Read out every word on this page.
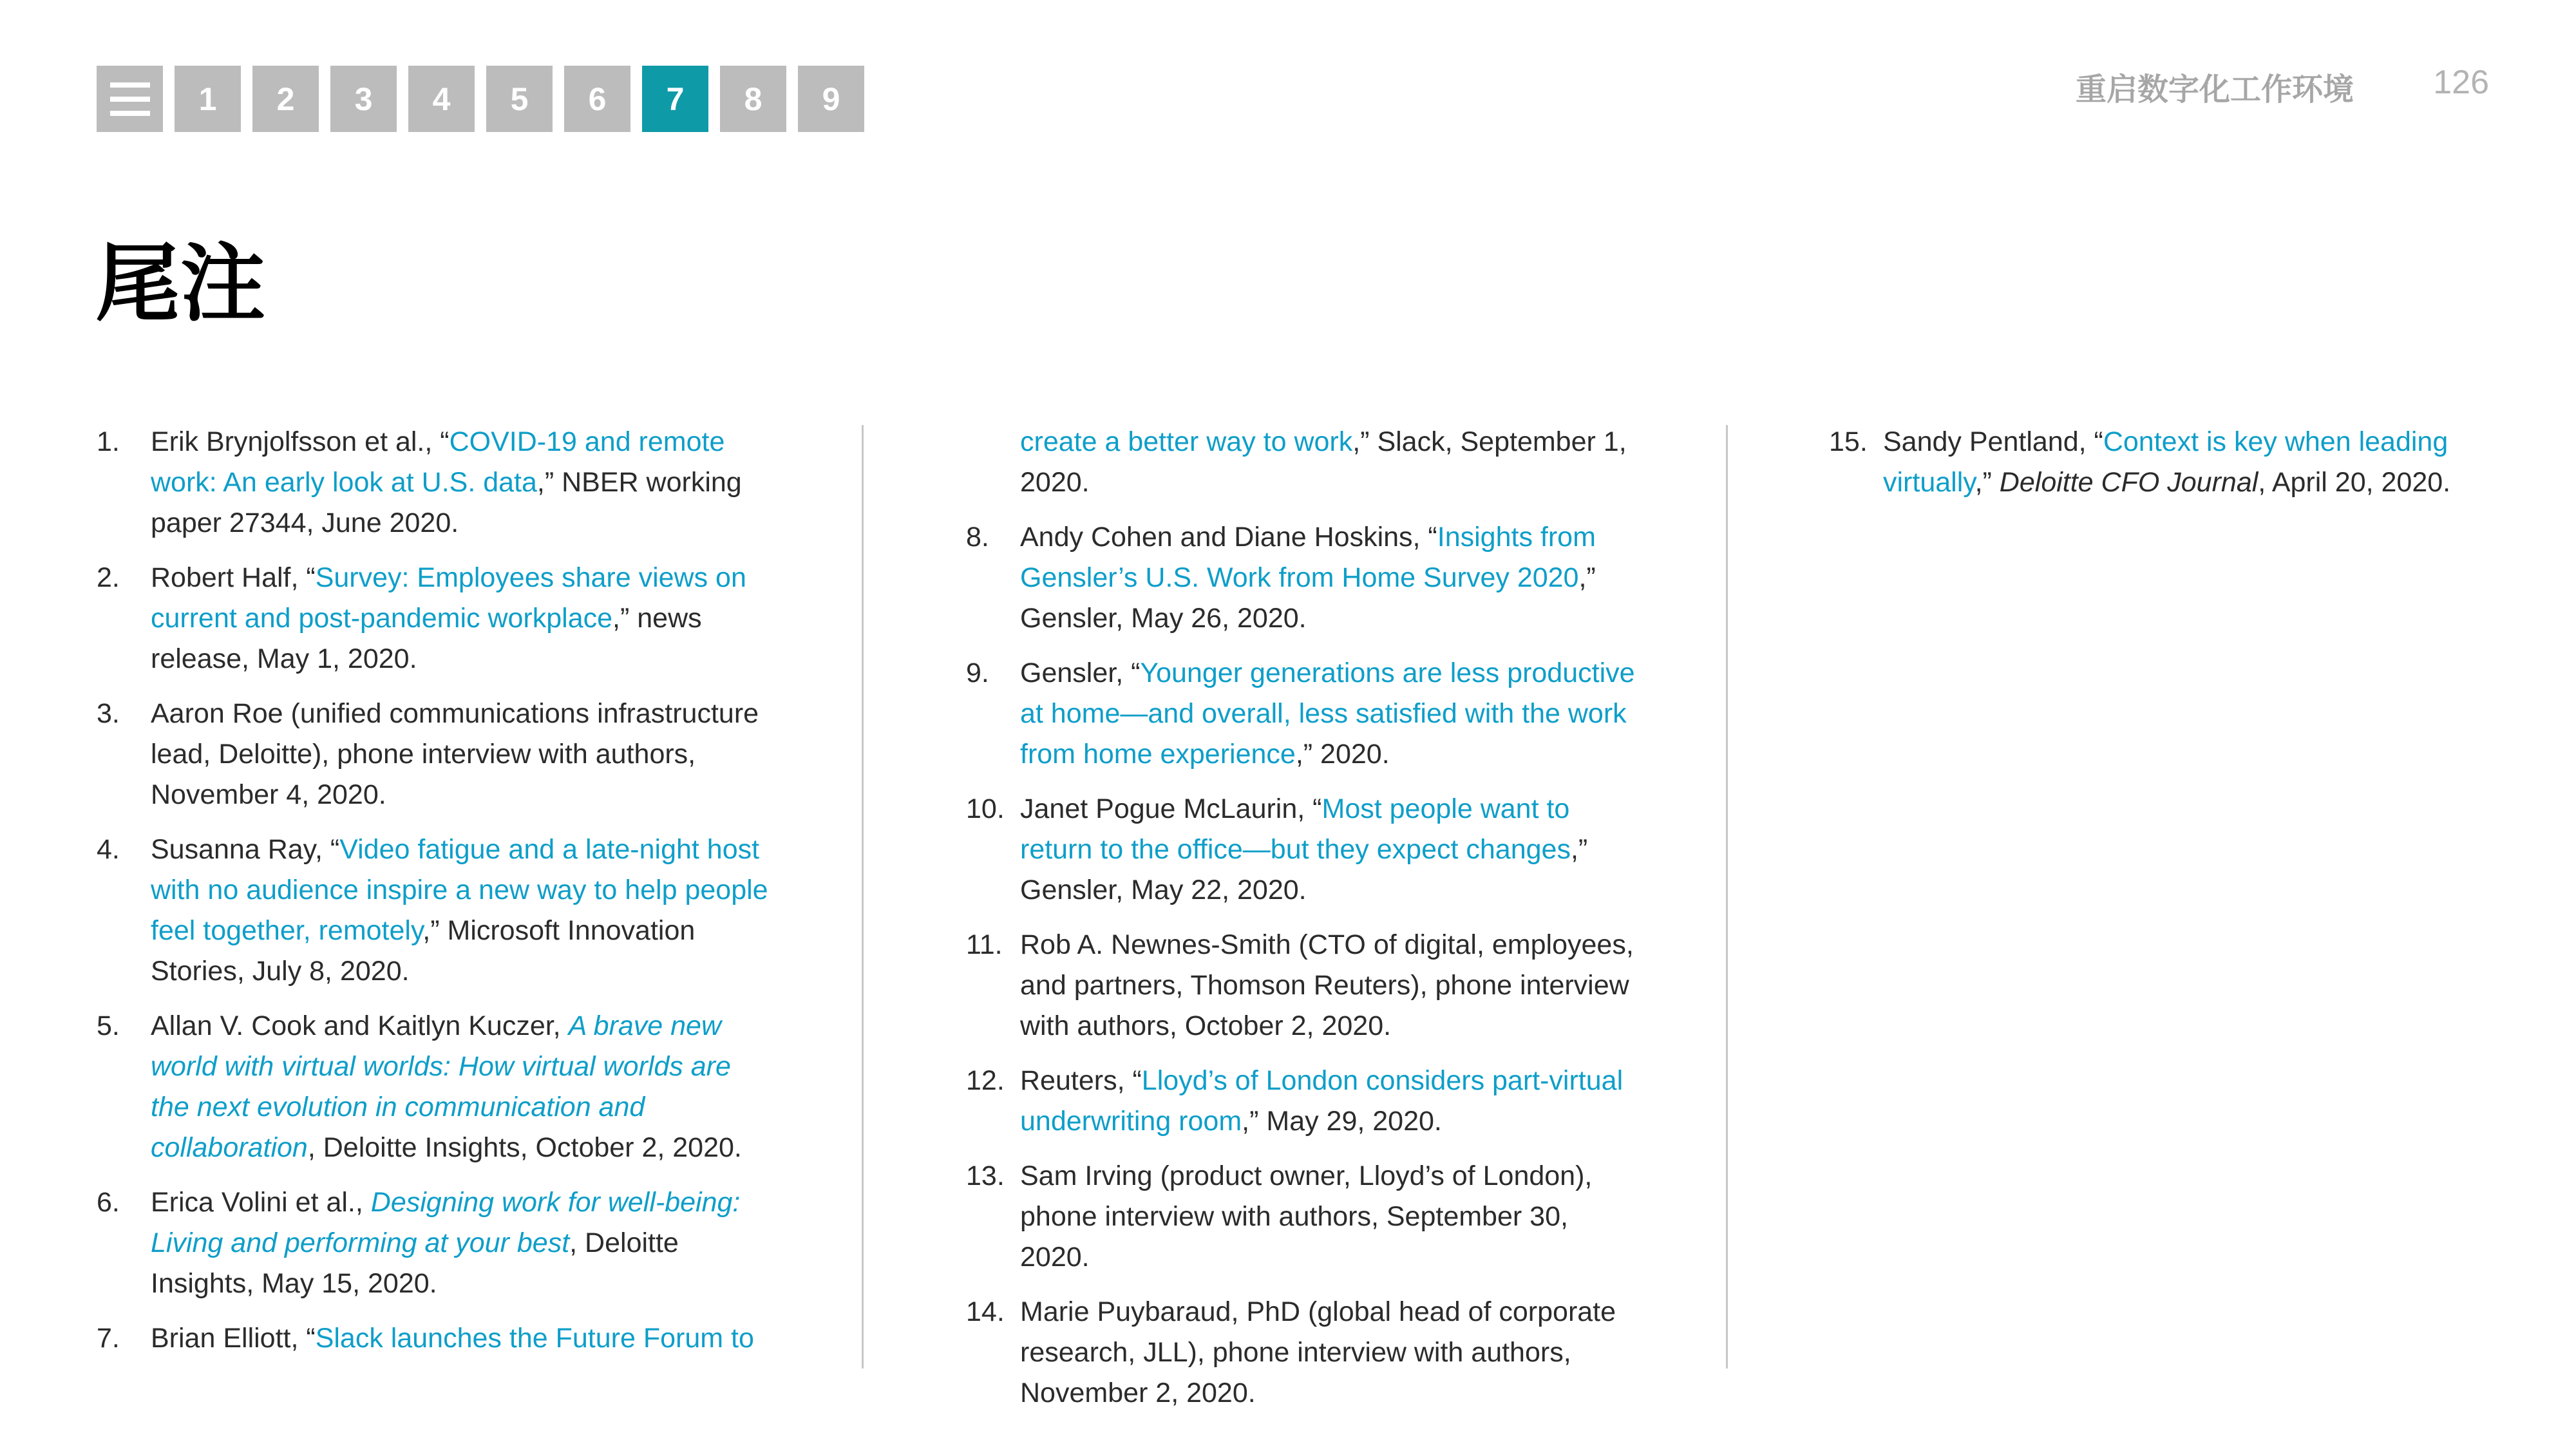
1	2	3	4	5	6	7	8	9	重启数字化工作环境 126
尾注
1. Erik Brynjolfsson et al., “COVID-19 and remote work: An early look at U.S. data,” NBER working paper 27344, June 2020.
2. Robert Half, “Survey: Employees share views on current and post-pandemic workplace,” news release, May 1, 2020.
3. Aaron Roe (unified communications infrastructure lead, Deloitte), phone interview with authors, November 4, 2020.
4. Susanna Ray, “Video fatigue and a late-night host with no audience inspire a new way to help people feel together, remotely,” Microsoft Innovation Stories, July 8, 2020.
5. Allan V. Cook and Kaitlyn Kuczer, A brave new world with virtual worlds: How virtual worlds are the next evolution in communication and collaboration, Deloitte Insights, October 2, 2020.
6. Erica Volini et al., Designing work for well-being: Living and performing at your best, Deloitte Insights, May 15, 2020.
7. Brian Elliott, “Slack launches the Future Forum to
create a better way to work,” Slack, September 1, 2020.
8. Andy Cohen and Diane Hoskins, “Insights from Gensler’s U.S. Work from Home Survey 2020,” Gensler, May 26, 2020.
9. Gensler, “Younger generations are less productive at home—and overall, less satisfied with the work from home experience,” 2020.
10. Janet Pogue McLaurin, “Most people want to return to the office—but they expect changes,” Gensler, May 22, 2020.
11. Rob A. Newnes-Smith (CTO of digital, employees, and partners, Thomson Reuters), phone interview with authors, October 2, 2020.
12. Reuters, “Lloyd’s of London considers part-virtual underwriting room,” May 29, 2020.
13. Sam Irving (product owner, Lloyd’s of London), phone interview with authors, September 30, 2020.
14. Marie Puybaraud, PhD (global head of corporate research, JLL), phone interview with authors, November 2, 2020.
15. Sandy Pentland, “Context is key when leading virtually,” Deloitte CFO Journal, April 20, 2020.
